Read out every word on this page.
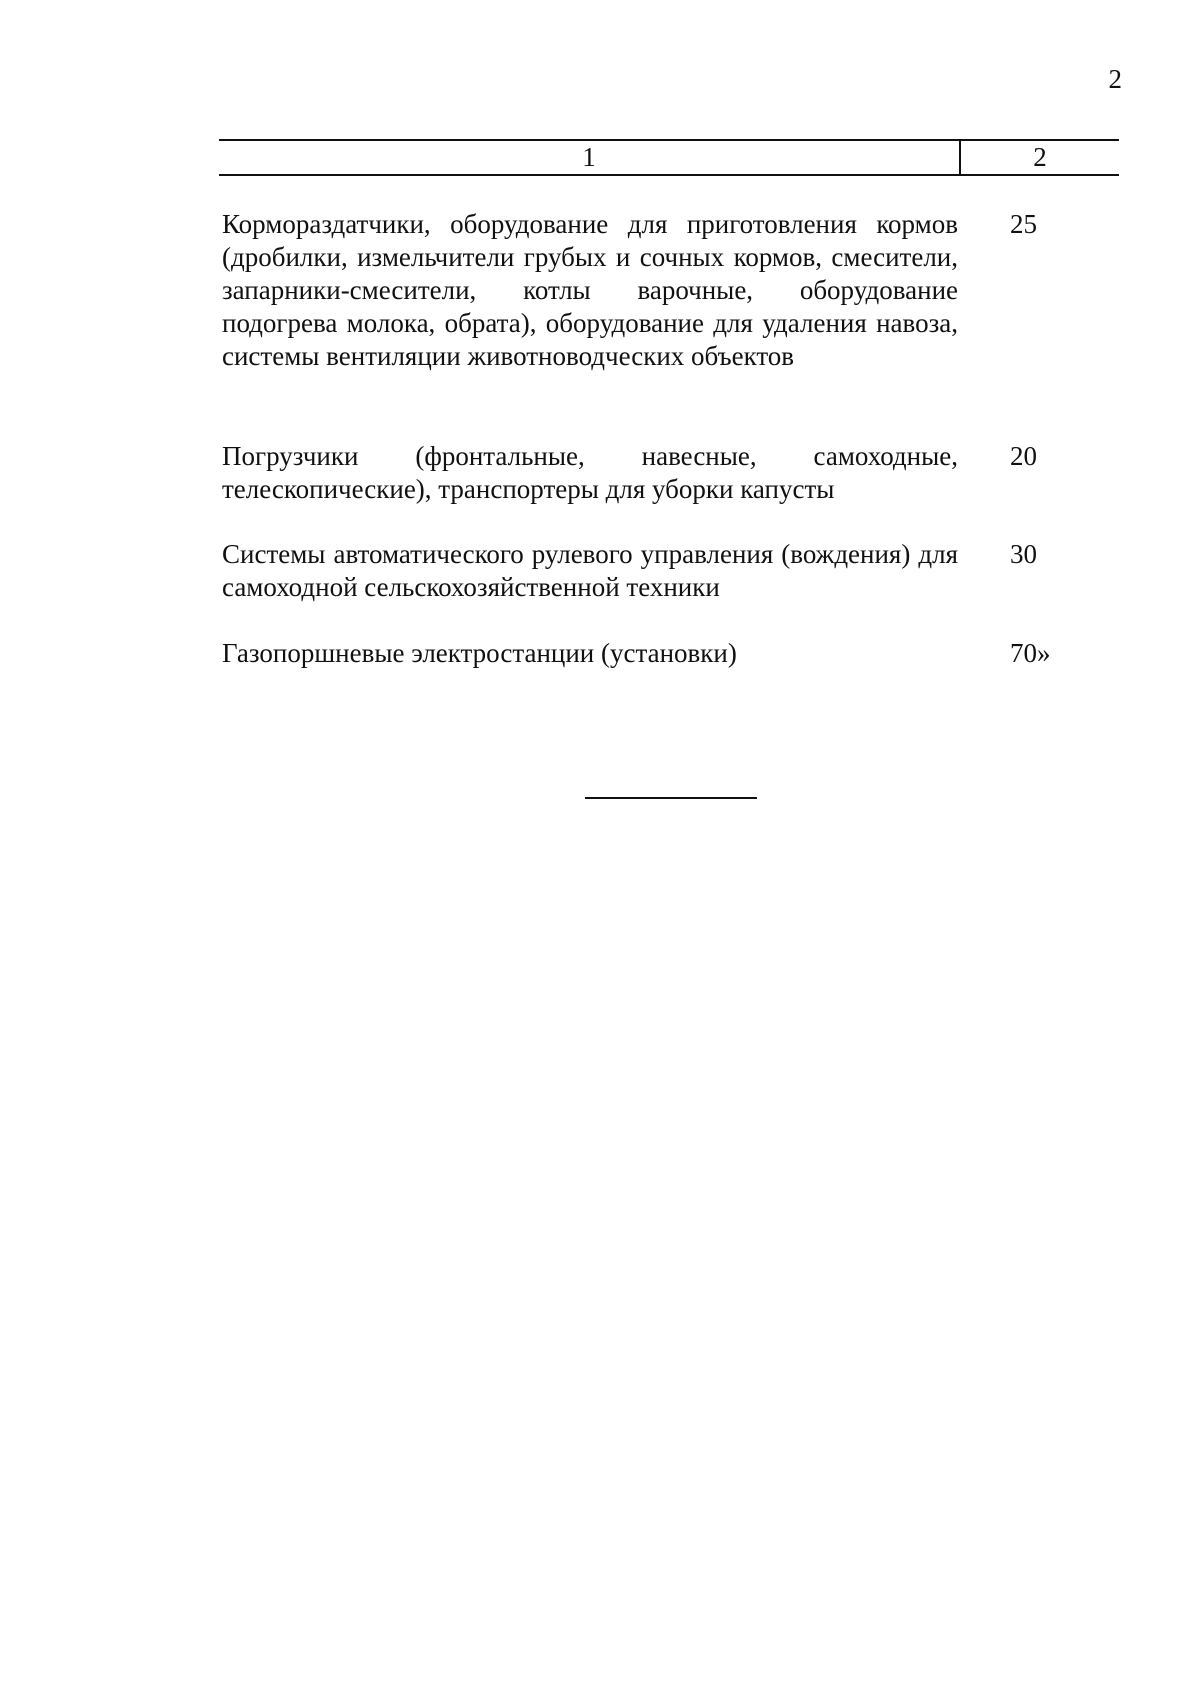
2
1	2
Кормораздатчики, оборудование для приготовления кормов (дробилки, измельчители грубых и сочных кормов, смесители, запарники-смесители, котлы варочные, оборудование подогрева молока, обрата), оборудование для удаления навоза, системы вентиляции животноводческих объектов
25
Погрузчики (фронтальные, навесные, самоходные, телескопические), транспортеры для уборки капусты
20
Системы автоматического рулевого управления (вождения) для самоходной сельскохозяйственной техники
30
Газопоршневые электростанции (установки)	70»
